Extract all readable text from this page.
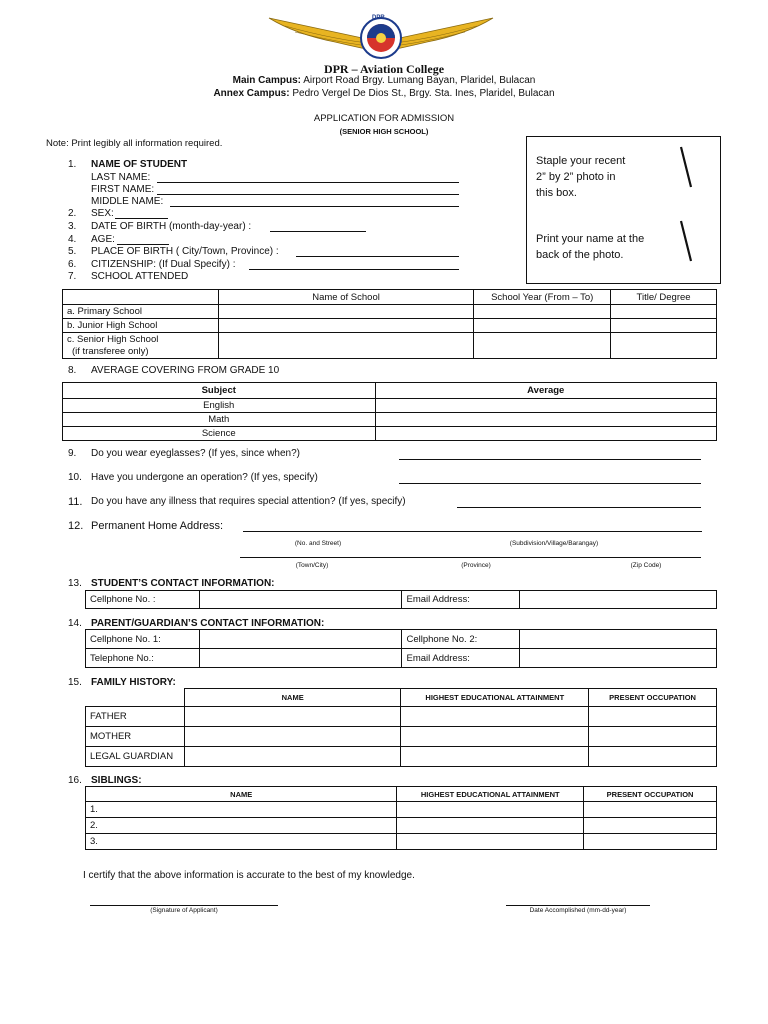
DPR
DPR – Aviation College
Main Campus: Airport Road Brgy. Lumang Bayan, Plaridel, Bulacan
Annex Campus: Pedro Vergel De Dios St., Brgy. Sta. Ines, Plaridel, Bulacan
APPLICATION FOR ADMISSION
(SENIOR HIGH SCHOOL)
Note: Print legibly all information required.
Staple your recent
2” by 2” photo in
this box.
Print your name at the
back of the photo.
1.	NAME OF STUDENT
LAST NAME:
FIRST NAME:
MIDDLE NAME:
2.	SEX:
3.	DATE OF BIRTH (month-day-year) :
4.	AGE:
5.	PLACE OF BIRTH ( City/Town, Province) :
6.	CITIZENSHIP: (If Dual Specify) :
7.	SCHOOL ATTENDED
	Name of School	School Year (From – To)	Title/ Degree
a. Primary School			
b. Junior High School			
c. Senior High School
(if transferee only)			
8.	AVERAGE COVERING FROM GRADE 10
Subject	Average
English	
Math	
Science	
9.	Do you wear eyeglasses? (If yes, since when?)
10. Have you undergone an operation? (If yes, specify)
11. Do you have any illness that requires special attention? (If yes, specify)
12. Permanent Home Address:
(No. and Street)	(Subdivision/Village/Barangay)
(Town/City)	(Province)	(Zip Code)
13. STUDENT’S CONTACT INFORMATION:
Cellphone No. :		Email Address:	
14. PARENT/GUARDIAN’S CONTACT INFORMATION:
Cellphone No. 1:		Cellphone No. 2:	
Telephone No.:		Email Address:	
15. FAMILY HISTORY:
	NAME	HIGHEST EDUCATIONAL ATTAINMENT	PRESENT OCCUPATION
FATHER			
MOTHER			
LEGAL GUARDIAN			
16. SIBLINGS:
NAME	HIGHEST EDUCATIONAL ATTAINMENT	PRESENT OCCUPATION
1.		
2.		
3.		
I certify that the above information is accurate to the best of my knowledge.
(Signature of Applicant)	Date Accomplished (mm-dd-year)
